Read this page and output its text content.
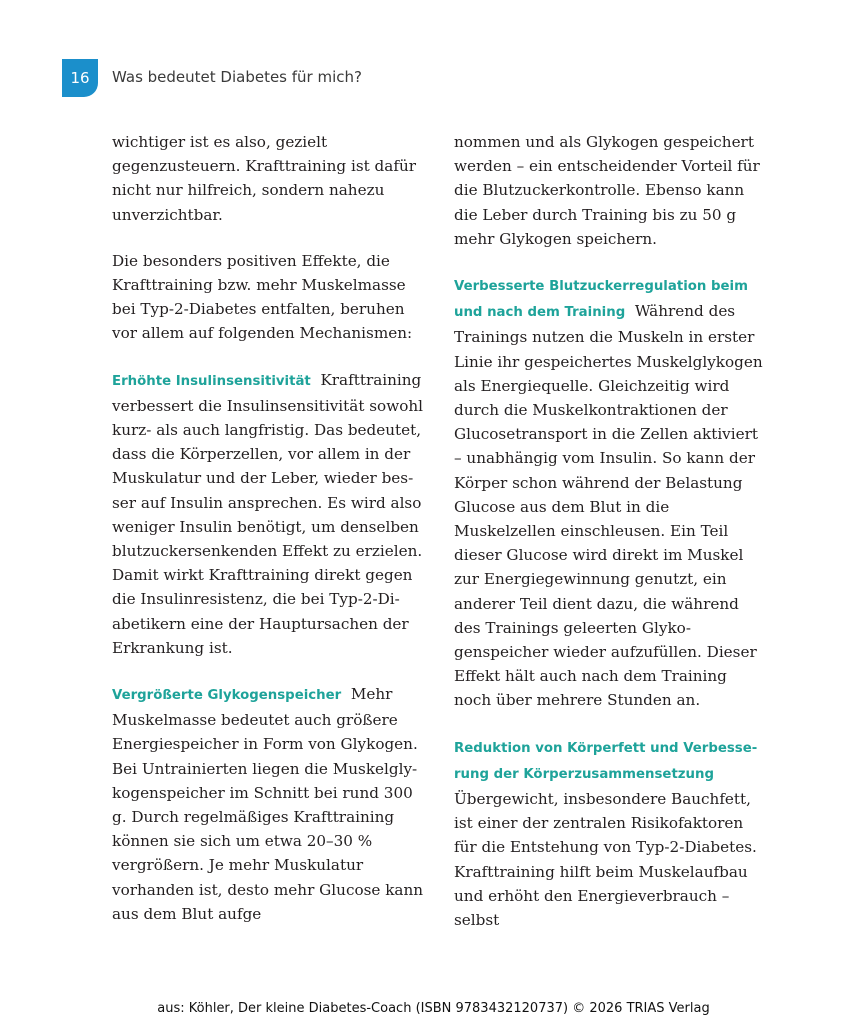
16	Was bedeutet Diabetes für mich?

wichtiger ist es also, gezielt gegenzusteuern. Krafttraining ist dafür nicht nur hilfreich, sondern nahezu unverzichtbar.

Die besonders positiven Effekte, die Krafttraining bzw. mehr Muskelmasse bei Typ-2-Diabetes entfalten, beruhen vor allem auf folgenden Mechanismen:

Erhöhte Insulinsensitivität Krafttraining verbessert die Insulinsensitivität sowohl kurz- als auch langfristig. Das bedeutet, dass die Körperzellen, vor allem in der Muskulatur und der Leber, wieder besser auf Insulin ansprechen. Es wird also weniger Insulin benötigt, um denselben blutzuckersenkenden Effekt zu erzielen. Damit wirkt Krafttraining direkt gegen die Insulinresistenz, die bei Typ-2-Diabetikern eine der Hauptursachen der Erkrankung ist.

Vergrößerte Glykogenspeicher Mehr Muskelmasse bedeutet auch größere Energiespeicher in Form von Glykogen. Bei Untrainierten liegen die Muskelglykogenspeicher im Schnitt bei rund 300 g. Durch regelmäßiges Krafttraining können sie sich um etwa 20–30 % vergrößern. Je mehr Muskulatur vorhanden ist, desto mehr Glucose kann aus dem Blut aufge

nommen und als Glykogen gespeichert werden – ein entscheidender Vorteil für die Blutzuckerkontrolle. Ebenso kann die Leber durch Training bis zu 50 g mehr Glykogen speichern.

Verbesserte Blutzuckerregulation beim und nach dem Training Während des Trainings nutzen die Muskeln in erster Linie ihr gespeichertes Muskelglykogen als Energiequelle. Gleichzeitig wird durch die Muskelkontraktionen der Glucosetransport in die Zellen aktiviert – unabhängig vom Insulin. So kann der Körper schon während der Belastung Glucose aus dem Blut in die Muskelzellen einschleusen. Ein Teil dieser Glucose wird direkt im Muskel zur Energiegewinnung genutzt, ein anderer Teil dient dazu, die während des Trainings geleerten Glykogenspeicher wieder aufzufüllen. Dieser Effekt hält auch nach dem Training noch über mehrere Stunden an.

Reduktion von Körperfett und Verbesserung der Körperzusammensetzung  Übergewicht, insbesondere Bauchfett, ist einer der zentralen Risikofaktoren für die Entstehung von Typ-2-Diabetes. Krafttraining hilft beim Muskelaufbau und erhöht den Energieverbrauch – selbst

aus: Köhler, Der kleine Diabetes-Coach (ISBN 9783432120737) © 2026 TRIAS Verlag
